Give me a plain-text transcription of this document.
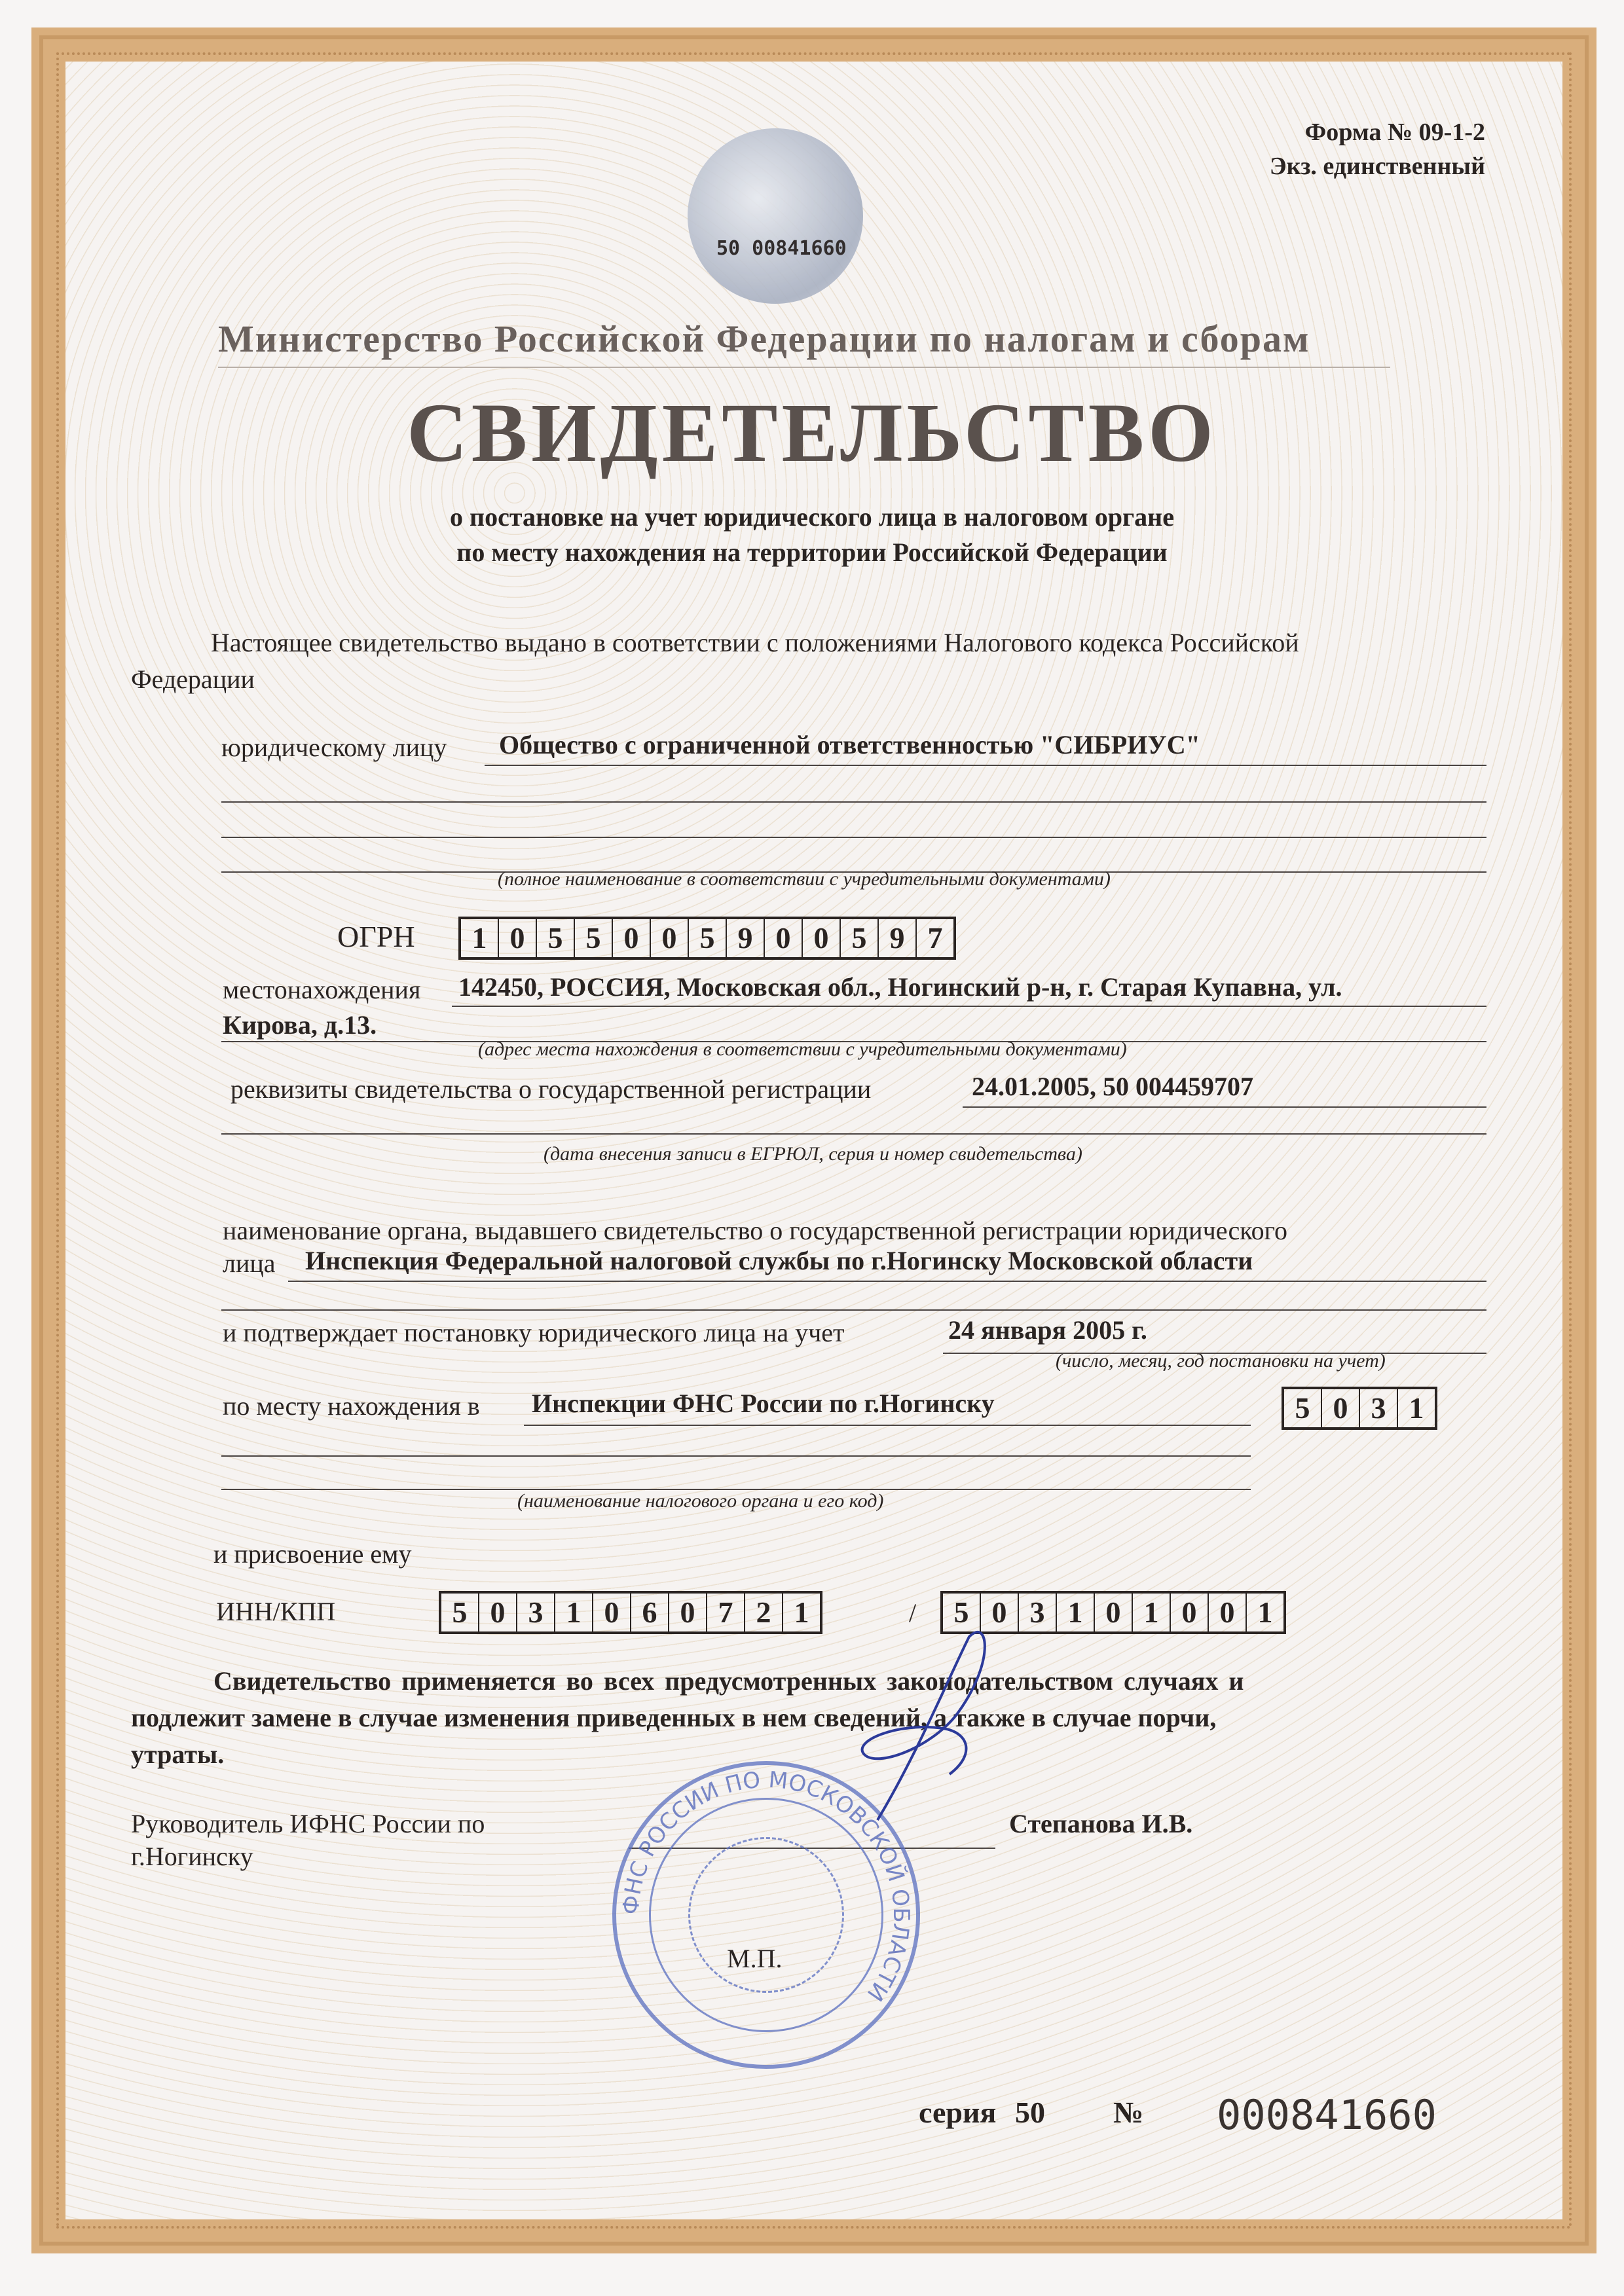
50 00841660
Форма № 09-1-2
Экз. единственный
Министерство Российской Федерации по налогам и сборам
СВИДЕТЕЛЬСТВО
о постановке на учет юридического лица в налоговом органе
по месту нахождения на территории Российской Федерации
Настоящее свидетельство выдано в соответствии с положениями Налогового кодекса Российской
Федерации
юридическому лицу Общество с ограниченной ответственностью "СИБРИУС"
(полное наименование в соответствии с учредительными документами)
ОГРН	1 0 5 5 0 0 5 9 0 0 5 9 7
местонахождения 142450, РОССИЯ, Московская обл., Ногинский р-н, г. Старая Купавна, ул.
Кирова, д.13.
(адрес места нахождения в соответствии с учредительными документами)
реквизиты свидетельства о государственной регистрации	24.01.2005, 50 004459707
(дата внесения записи в ЕГРЮЛ, серия и номер свидетельства)
наименование органа, выдавшего свидетельство о государственной регистрации юридического
лица Инспекция Федеральной налоговой службы по г.Ногинску Московской области
и подтверждает постановку юридического лица на учет	24 января 2005 г.
(число, месяц, год постановки на учет)
по месту нахождения в Инспекции ФНС России по г.Ногинску	5 0 3 1
(наименование налогового органа и его код)
и присвоение ему
ИНН/КПП	5 0 3 1 0 6 0 7 2 1	/	5 0 3 1 0 1 0 0 1
Свидетельство применяется во всех предусмотренных законодательством случаях и
подлежит замене в случае изменения приведенных в нем сведений, а также в случае порчи,
утраты.
Руководитель ИФНС России по
г.Ногинску
Степанова И.В.
ФНС РОССИИ ПО МОСКОВСКОЙ ОБЛАСТИ
М.П.
серия 50 № 000841660
